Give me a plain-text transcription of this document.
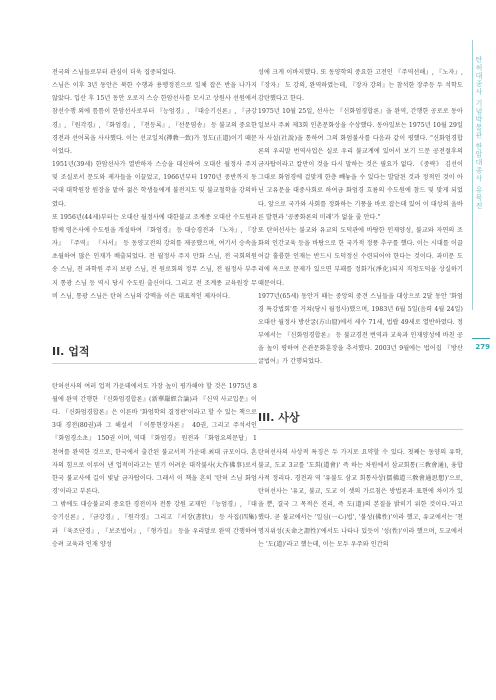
전국의 스님들로부터 관심이 더욱 집중되었다.

스님은 이후 3년 동안은 북한 수행과 용맹정진으로 일체 잡은 반을 나가지 않았다. 입산 후 15년 동안 오로지 스승 한암선사를 모시고 상원사 선원에서 참선수행 외에 틈틈이 한암선사로부터 『능엄경』, 『대승기신론』, 『금강경』, 『원각경』, 『화엄경』, 『전등록』, 『선문염송』 등 불교의 중요한 경전과 선어록을 사사했다. 이는 선교일치(禪敎一致)가 정도(正道)이기 때문이었다.

1951년(39세) 한암선사가 열반하자 스승을 대신하여 오대산 월정사 주지 및 조실로서 문도와 제자들을 이끌었고, 1966년부터 1970년 중반까지 동국대 대학원장 원장을 맡아 젊은 학생들에게 불전지도 및 불교철학을 강의하였다.

또 1956년(44세)부터는 오대산 월정사에 대한불교 조계종 오대산 수도원과 함께 영은사에 수도원을 개설하여 『화엄경』 등 대승경전과 『노자』, 『장자』 『주역』 『사서』 등 동양고전의 강의를 제공했으며, 여기서 승속을 초월하여 많은 인재가 배출되었다. 전 월정사 주지 만화 스님, 전 국회의원 송 스님, 전 과학원 주지 보광 스님, 전 원로회의 정무 스님, 전 월정사 부주지 통광 스님 등 역시 당시 수도원 출신이다. 그리고 전 조계종 교육원장 무비 스님, 통광 스님은 탄허 스님의 강맥을 이은 대표적인 제자이다.

II. 업적

탄허선사의 여러 업적 가운데에서도 가장 높이 평가해야 할 것은 1975년 8월에 완역 간행한 『신화엄경합론』(新華嚴經合論)과 『신역 사교입문』이다. 『신화엄경합론』은 이른바 '화엄학의 결정판'이라고 할 수 있는 책으로 3대 경전(80권)과 그 해설서 『이통현장자론』 40권, 그리고 주석서인 『화엄경소초』 150권 이며, 역대 『화엄경』 원전과 「화엄요의문답」 1천여를 완역한 것으로, 한국에서 출간된 불교서적 가운데 최대 규모이다. 혼자의 힘으로 이루어 낸 업적이라고는 믿기 어려운 대작불사(大作佛事)로서 한국 불교사에 길이 빛날 금자탑이다. 그래서 이 책을 흔히 '탄허 스님 화엄경'이라고 부른다.

그 밖에도 대승불교의 중요한 경전이자 전통 강원 교재인 『능엄경』, 『대승기신론』, 『금강경』, 『원각경』 그리고 『서장(書狀)』 등 사집(四集)과 『육조단경』, 『보조법어』, 『형가집』 등을 우리말로 완역 간행하여 승려 교육과 인재 양성

성에 크게 이바지했다. 또 동양학의 중요한 고전인 『주역선해』, 『노자』, 『장자』 도 강의, 완역하였는데, 『장자 강의』는 참석한 장주등 두 석학도 감탄했다고 한다.

1975년 10월 25일, 선사는 『신화엄경합론』을 완역, 간행한 공로로 동아일보사 주최 제3회 인촌문화상을 수상했다. 동아일보는 1975년 10월 29일자 사설(社說)을 통하여 그의 화엄불사를 다음과 같이 평했다. "신화엄경합론의 우리말 번역사업은 실로 우리 불교계에 있어서 보기 드문 공전절후의 금자탑이라고 칼만이 것을 다시 말하는 것은 필요가 없다. 《중략》 김선이 그대로 화엄경에 걸맞게 한층 빼놓을 수 있다는 발달된 것과 정적인 것이 아닌 고유문을 대중사회로 하여금 화엄경 흐름의 수도원에 참드 및 맞게 되었다. 앞으로 국가와 사회를 정화하는 기풍을 바로 잡는데 있어 이 대상의 올바른 발현과 '공종화론의 미래'가 없을 줄 안다."

또 탄허선사는 불교와 유교의 도덕관에 바탕한 인재양성, 불교와 자연의 조화의 인간교육 등을 바탕으로 한 국가적 정풍 추구를 했다. 이는 시대를 이끌어갈 훌륭한 인재는 반드시 도덕정신 수련되어야 한다는 것이다. 과미문 도리에 옥으로 문제가 있으면 부패를 정화가(淨化)되지 직청도덕을 상실하기 때문이다.

1977년(65세) 동안거 때는 중앙의 중견 스님들을 대상으로 2달 동안 '화엄경 특강법회'를 거쳐(당시 월정사)했으며, 1983년 6월 5일(음력 4월 24일) 오대산 월정사 방산굴(方山窟)에서 세수 71세, 법랍 49세로 열반하였다. 정부에서는 『신화엄경합론』 등 불교경전 번역과 교육과 인재양성에 바친 공을 높이 평하여 은관문화훈장을 추서했다. 2003년 9월에는 법어집 『방산굴법어』가 간행되었다.

III. 사상

탄허선사의 사상적 특징은 두 가지로 요약할 수 있다. 첫째는 동양의 유학, 불교, 도교 3교를 '도회(道會)' 즉 하는 차원에서 삼교회통(三敎會通), 융합사적 정리다. 경전과 역 '유불도 삼교 회통사상(儒佛道三敎會通思想)'으로, 탄허선사는 '유교, 불교, 도교 이 셋의 가르침은 방법론과 표현에 차이가 있을 뿐, 결국 그 목적은 진리, 즉 도(道)의 본질을 밝히기 위한 것이다.'라고 했다. 곧 불교에서는 '일심(一心)법', '불성(佛性)'이라 했고, 유교에서는 '천명지위성(天命之謂性)'에서도 나타나 있듯이 '성(性)'이라 했으며, 도교에서는 '도(道)'라고 했는데, 이는 모두 우주와 인간의

탄허대종사 기념박물관 한암대종사 유묵전
279
